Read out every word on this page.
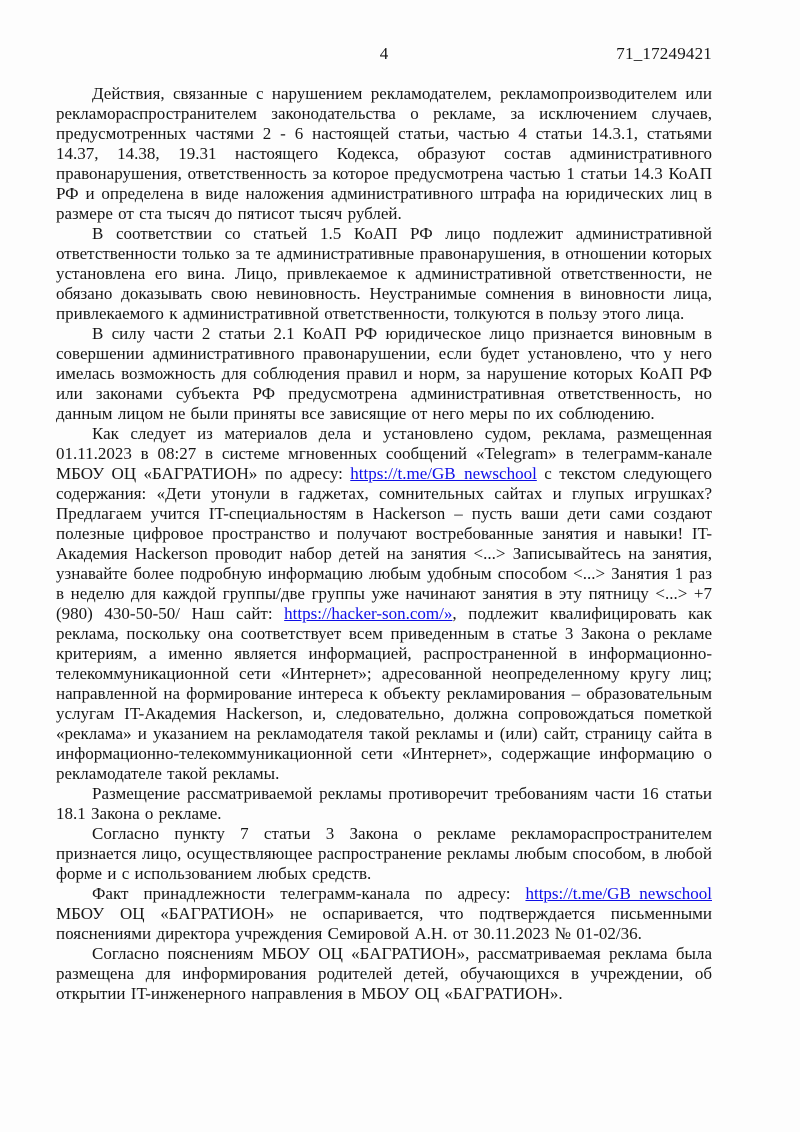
4	71_17249421

Действия, связанные с нарушением рекламодателем, рекламопроизводителем или рекламораспространителем законодательства о рекламе, за исключением случаев, предусмотренных частями 2 - 6 настоящей статьи, частью 4 статьи 14.3.1, статьями 14.37, 14.38, 19.31 настоящего Кодекса, образуют состав административного правонарушения, ответственность за которое предусмотрена частью 1 статьи 14.3 КоАП РФ и определена в виде наложения административного штрафа на юридических лиц в размере от ста тысяч до пятисот тысяч рублей.

В соответствии со статьей 1.5 КоАП РФ лицо подлежит административной ответственности только за те административные правонарушения, в отношении которых установлена его вина. Лицо, привлекаемое к административной ответственности, не обязано доказывать свою невиновность. Неустранимые сомнения в виновности лица, привлекаемого к административной ответственности, толкуются в пользу этого лица.

В силу части 2 статьи 2.1 КоАП РФ юридическое лицо признается виновным в совершении административного правонарушении, если будет установлено, что у него имелась возможность для соблюдения правил и норм, за нарушение которых КоАП РФ или законами субъекта РФ предусмотрена административная ответственность, но данным лицом не были приняты все зависящие от него меры по их соблюдению.

Как следует из материалов дела и установлено судом, реклама, размещенная 01.11.2023 в 08:27 в системе мгновенных сообщений «Telegram» в телеграмм-канале МБОУ ОЦ «БАГРАТИОН» по адресу: https://t.me/GB_newschool с текстом следующего содержания: «Дети утонули в гаджетах, сомнительных сайтах и глупых игрушках? Предлагаем учится IT-специальностям в Hackerson – пусть ваши дети сами создают полезные цифровое пространство и получают востребованные занятия и навыки! IT-Академия Hackerson проводит набор детей на занятия <...> Записывайтесь на занятия, узнавайте более подробную информацию любым удобным способом <...> Занятия 1 раз в неделю для каждой группы/две группы уже начинают занятия в эту пятницу <...> +7 (980) 430-50-50/ Наш сайт: https://hacker-son.com/», подлежит квалифицировать как реклама, поскольку она соответствует всем приведенным в статье 3 Закона о рекламе критериям, а именно является информацией, распространенной в информационно-телекоммуникационной сети «Интернет»; адресованной неопределенному кругу лиц; направленной на формирование интереса к объекту рекламирования – образовательным услугам IT-Академия Hackerson, и, следовательно, должна сопровождаться пометкой «реклама» и указанием на рекламодателя такой рекламы и (или) сайт, страницу сайта в информационно-телекоммуникационной сети «Интернет», содержащие информацию о рекламодателе такой рекламы.

Размещение рассматриваемой рекламы противоречит требованиям части 16 статьи 18.1 Закона о рекламе.

Согласно пункту 7 статьи 3 Закона о рекламе рекламораспространителем признается лицо, осуществляющее распространение рекламы любым способом, в любой форме и с использованием любых средств.

Факт принадлежности телеграмм-канала по адресу: https://t.me/GB_newschool МБОУ ОЦ «БАГРАТИОН» не оспаривается, что подтверждается письменными пояснениями директора учреждения Семировой А.Н. от 30.11.2023 № 01-02/36.

Согласно пояснениям МБОУ ОЦ «БАГРАТИОН», рассматриваемая реклама была размещена для информирования родителей детей, обучающихся в учреждении, об открытии IT-инженерного направления в МБОУ ОЦ «БАГРАТИОН».
